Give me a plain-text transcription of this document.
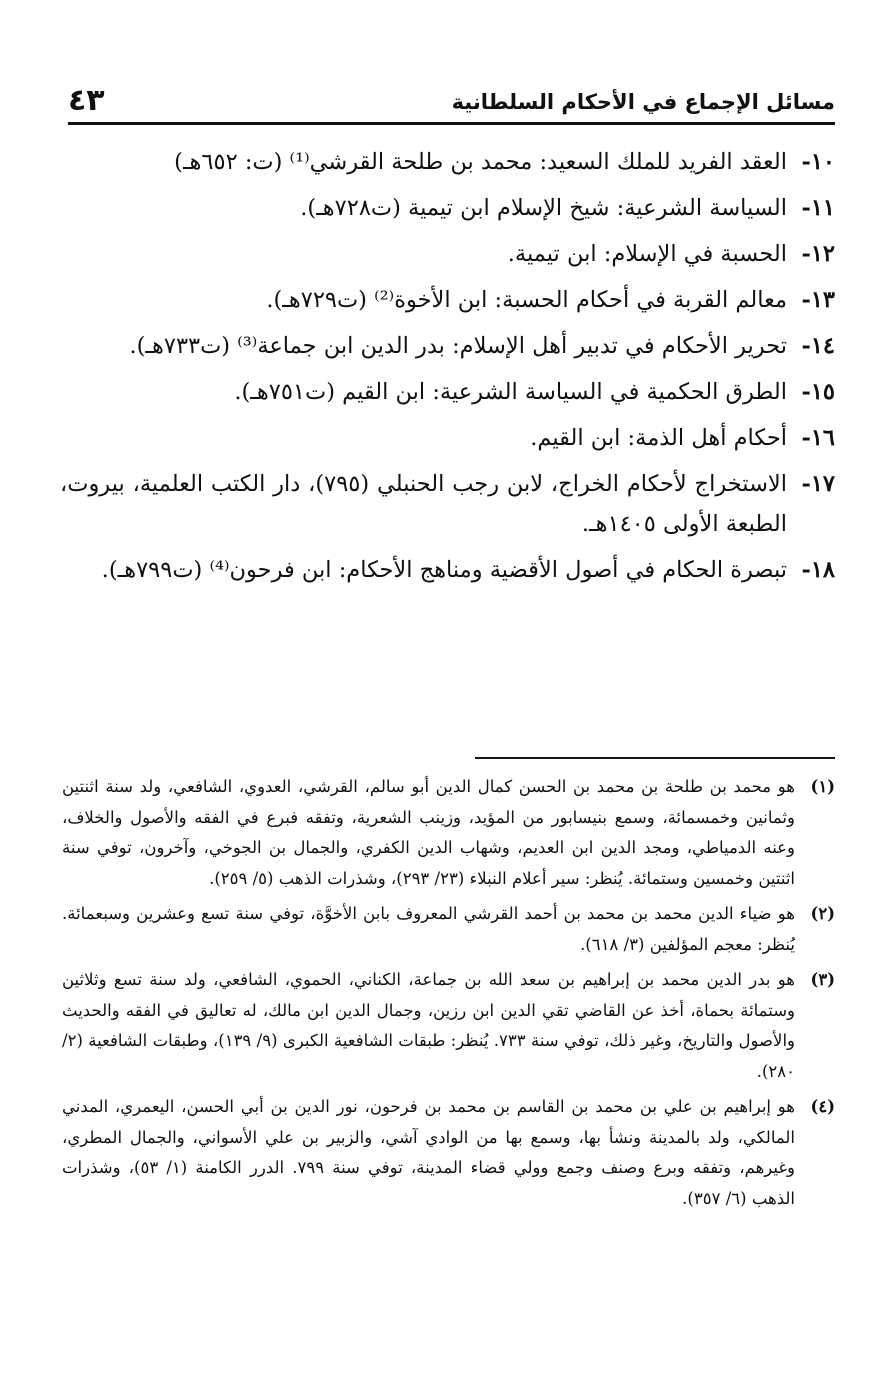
مسائل الإجماع في الأحكام السلطانية
٤٣
١٠-
العقد الفريد للملك السعيد: محمد بن طلحة القرشي⁽¹⁾ (ت: ٦٥٢هـ)
١١-
السياسة الشرعية: شيخ الإسلام ابن تيمية (ت٧٢٨هـ).
١٢-
الحسبة في الإسلام: ابن تيمية.
١٣-
معالم القربة في أحكام الحسبة: ابن الأخوة⁽²⁾ (ت٧٢٩هـ).
١٤-
تحرير الأحكام في تدبير أهل الإسلام: بدر الدين ابن جماعة⁽³⁾ (ت٧٣٣هـ).
١٥-
الطرق الحكمية في السياسة الشرعية: ابن القيم (ت٧٥١هـ).
١٦-
أحكام أهل الذمة: ابن القيم.
١٧-
الاستخراج لأحكام الخراج، لابن رجب الحنبلي (٧٩٥)، دار الكتب العلمية، بيروت، الطبعة الأولى ١٤٠٥هـ.
١٨-
تبصرة الحكام في أصول الأقضية ومناهج الأحكام: ابن فرحون⁽⁴⁾ (ت٧٩٩هـ).
(١)
هو محمد بن طلحة بن محمد بن الحسن كمال الدين أبو سالم، القرشي، العدوي، الشافعي، ولد سنة اثنتين وثمانين وخمسمائة، وسمع بنيسابور من المؤيد، وزينب الشعرية، وتفقه فبرع في الفقه والأصول والخلاف، وعنه الدمياطي، ومجد الدين ابن العديم، وشهاب الدين الكفري، والجمال بن الجوخي، وآخرون، توفي سنة اثنتين وخمسين وستمائة. يُنظر: سير أعلام النبلاء (٢٣/ ٢٩٣)، وشذرات الذهب (٥/ ٢٥٩).
(٢)
هو ضياء الدين محمد بن محمد بن أحمد القرشي المعروف بابن الأخوَّة، توفي سنة تسع وعشرين وسبعمائة. يُنظر: معجم المؤلفين (٣/ ٦١٨).
(٣)
هو بدر الدين محمد بن إبراهيم بن سعد الله بن جماعة، الكناني، الحموي، الشافعي، ولد سنة تسع وثلاثين وستمائة بحماة، أخذ عن القاضي تقي الدين ابن رزين، وجمال الدين ابن مالك، له تعاليق في الفقه والحديث والأصول والتاريخ، وغير ذلك، توفي سنة ٧٣٣. يُنظر: طبقات الشافعية الكبرى (٩/ ١٣٩)، وطبقات الشافعية (٢/ ٢٨٠).
(٤)
هو إبراهيم بن علي بن محمد بن القاسم بن محمد بن فرحون، نور الدين بن أبي الحسن، اليعمري، المدني المالكي، ولد بالمدينة ونشأ بها، وسمع بها من الوادي آشي، والزبير بن علي الأسواني، والجمال المطري، وغيرهم، وتفقه وبرع وصنف وجمع وولي قضاء المدينة، توفي سنة ٧٩٩. الدرر الكامنة (١/ ٥٣)، وشذرات الذهب (٦/ ٣٥٧).
